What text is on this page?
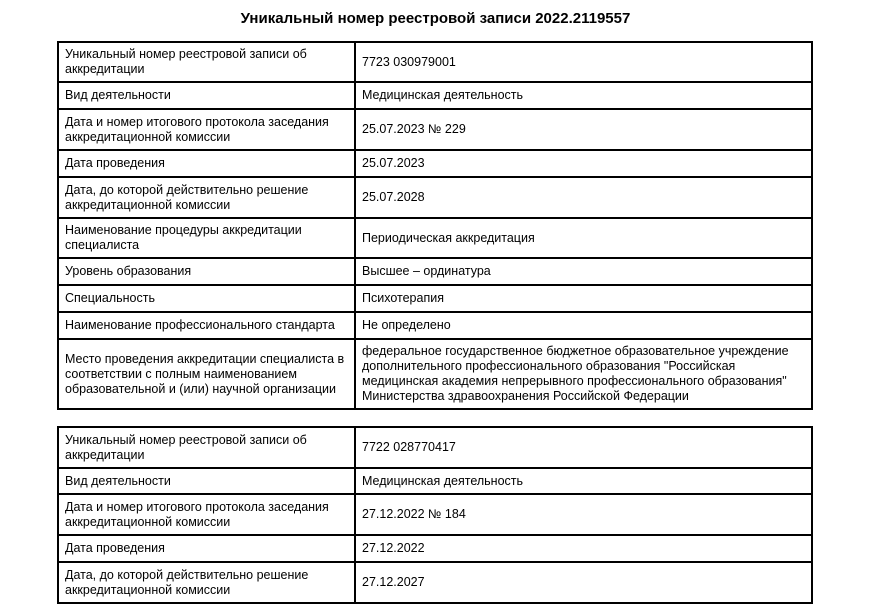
Уникальный номер реестровой записи 2022.2119557
Уникальный номер реестровой записи об аккредитации	7723 030979001
Вид деятельности	Медицинская деятельность
Дата и номер итогового протокола заседания аккредитационной комиссии	25.07.2023 № 229
Дата проведения	25.07.2023
Дата, до которой действительно решение аккредитационной комиссии	25.07.2028
Наименование процедуры аккредитации специалиста	Периодическая аккредитация
Уровень образования	Высшее – ординатура
Специальность	Психотерапия
Наименование профессионального стандарта	Не определено
Место проведения аккредитации специалиста в соответствии с полным наименованием образовательной и (или) научной организации	федеральное государственное бюджетное образовательное учреждение дополнительного профессионального образования "Российская медицинская академия непрерывного профессионального образования" Министерства здравоохранения Российской Федерации
Уникальный номер реестровой записи об аккредитации	7722 028770417
Вид деятельности	Медицинская деятельность
Дата и номер итогового протокола заседания аккредитационной комиссии	27.12.2022 № 184
Дата проведения	27.12.2022
Дата, до которой действительно решение аккредитационной комиссии	27.12.2027
